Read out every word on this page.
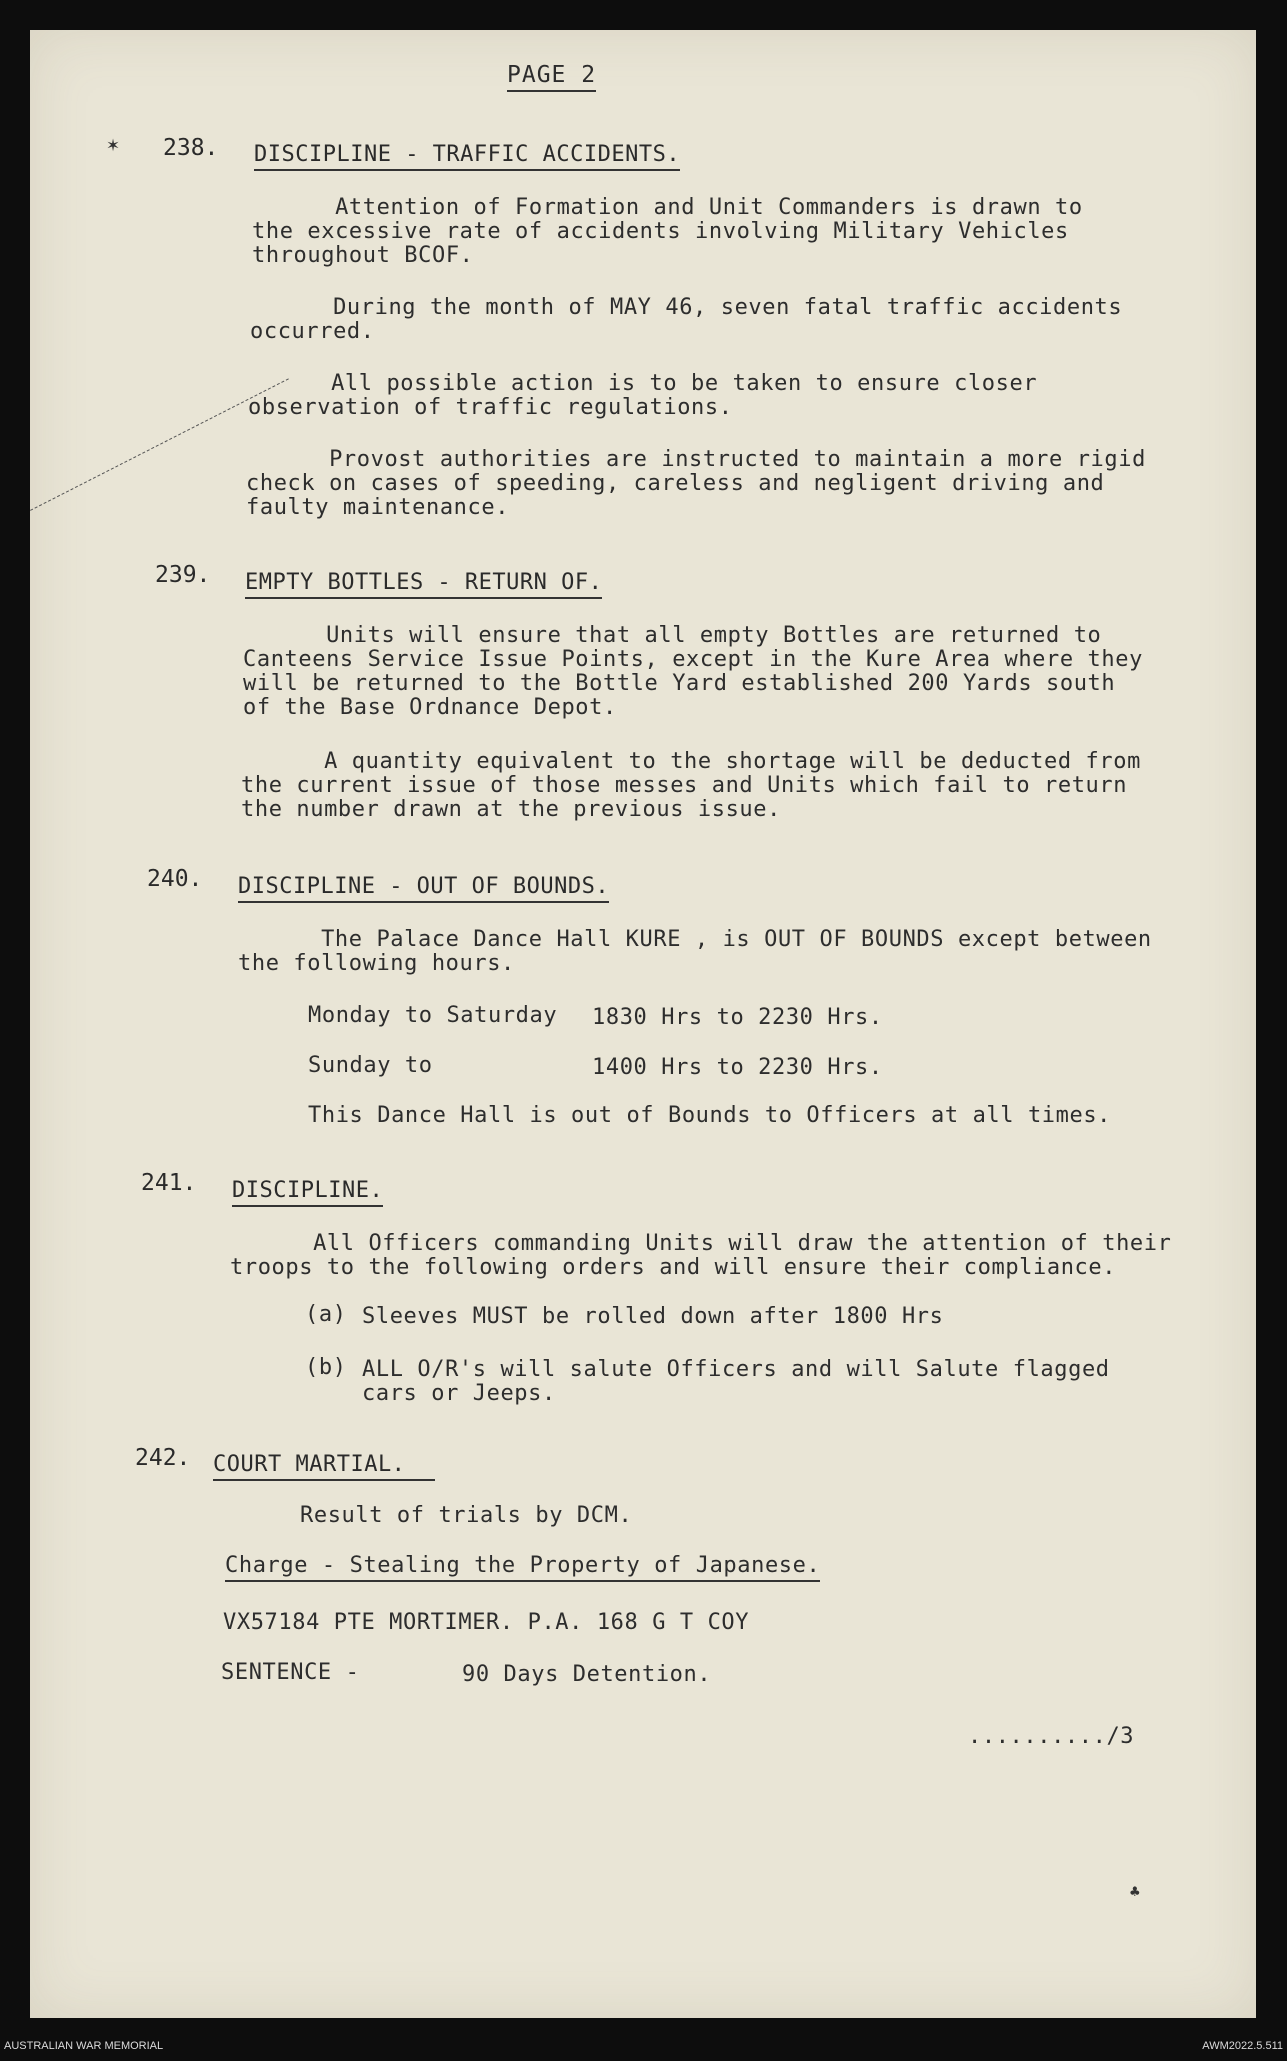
PAGE 2
✶ 238. DISCIPLINE - TRAFFIC ACCIDENTS.
Attention of Formation and Unit Commanders is drawn to
the excessive rate of accidents involving Military Vehicles
throughout BCOF.
During the month of MAY 46, seven fatal traffic accidents
occurred.
All possible action is to be taken to ensure closer
observation of traffic regulations.
Provost authorities are instructed to maintain a more rigid
check on cases of speeding, careless and negligent driving and
faulty maintenance.
239. EMPTY BOTTLES - RETURN OF.
Units will ensure that all empty Bottles are returned to
Canteens Service Issue Points, except in the Kure Area where they
will be returned to the Bottle Yard established 200 Yards south
of the Base Ordnance Depot.
A quantity equivalent to the shortage will be deducted from
the current issue of those messes and Units which fail to return
the number drawn at the previous issue.
240. DISCIPLINE - OUT OF BOUNDS.
The Palace Dance Hall KURE , is OUT OF BOUNDS except between
the following hours.
Monday to Saturday 1830 Hrs to 2230 Hrs.
Sunday to	1400 Hrs to 2230 Hrs.
This Dance Hall is out of Bounds to Officers at all times.
241. DISCIPLINE.
All Officers commanding Units will draw the attention of their
troops to the following orders and will ensure their compliance.
(a) Sleeves MUST be rolled down after 1800 Hrs
(b) ALL O/R's will salute Officers and will Salute flagged
cars or Jeeps.
242. COURT MARTIAL.
Result of trials by DCM.
Charge - Stealing the Property of Japanese.
VX57184 PTE MORTIMER. P.A. 168 G T COY
SENTENCE -	90 Days Detention.
........../3
♣
AUSTRALIAN WAR MEMORIAL	AWM2022.5.511
